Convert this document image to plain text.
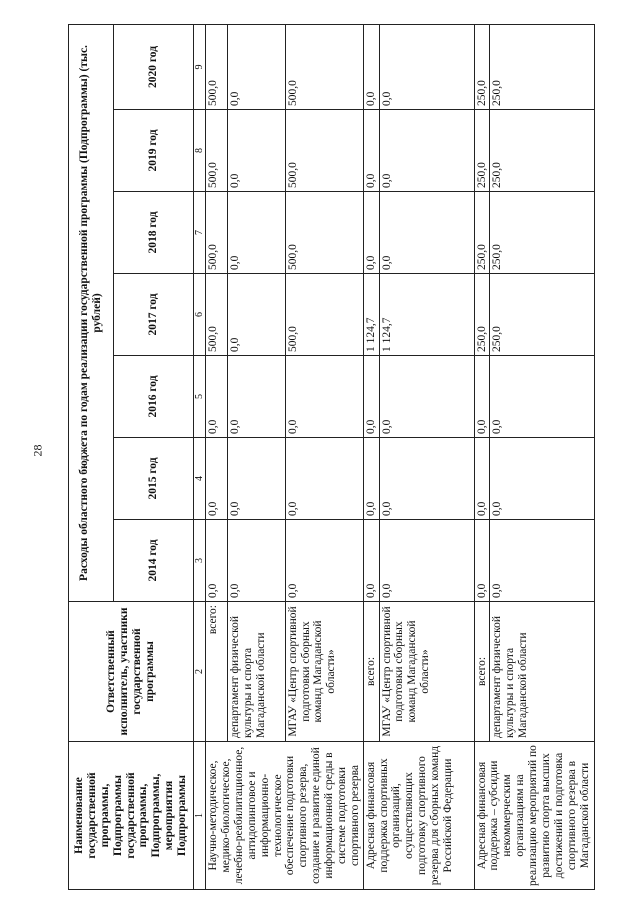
28
Наименование государственной программы, Подпрограммы государственной программы, Подпрограммы, мероприятия Подпрограммы	Ответственный исполнитель, участники государственной программы	Расходы областного бюджета по годам реализации государственной программы (Подпрограммы) (тыс. рублей)						
		2014 год	2015 год	2016 год	2017 год	2018 год	2019 год	2020 год
1	2	3	4	5	6	7	8	9
Научно-методическое, медико-биологическое, лечебно-реабилитационное, антидопинговое и информационно-технологическое обеспечение подготовки спортивного резерва, создание и развитие единой информационной среды в системе подготовки спортивного резерва	всего:	0,0	0,0	0,0	500,0	500,0	500,0	500,0
	департамент физической культуры и спорта Магаданской области	0,0	0,0	0,0	0,0	0,0	0,0	0,0
	МГАУ «Центр спортивной подготовки сборных команд Магаданской области»	0,0	0,0	0,0	500,0	500,0	500,0	500,0
Адресная финансовая поддержка спортивных организаций, осуществляющих подготовку спортивного резерва для сборных команд Российской Федерации	всего:	0,0	0,0	0,0	1 124,7	0,0	0,0	0,0
	МГАУ «Центр спортивной подготовки сборных команд Магаданской области»	0,0	0,0	0,0	1 124,7	0,0	0,0	0,0
Адресная финансовая поддержка – субсидии некоммерческим организациям на реализацию мероприятий по развитию спорта высших достижений и подготовка спортивного резерва в Магаданской области	всего:	0,0	0,0	0,0	250,0	250,0	250,0	250,0
	департамент физической культуры и спорта Магаданской области	0,0	0,0	0,0	250,0	250,0	250,0	250,0
